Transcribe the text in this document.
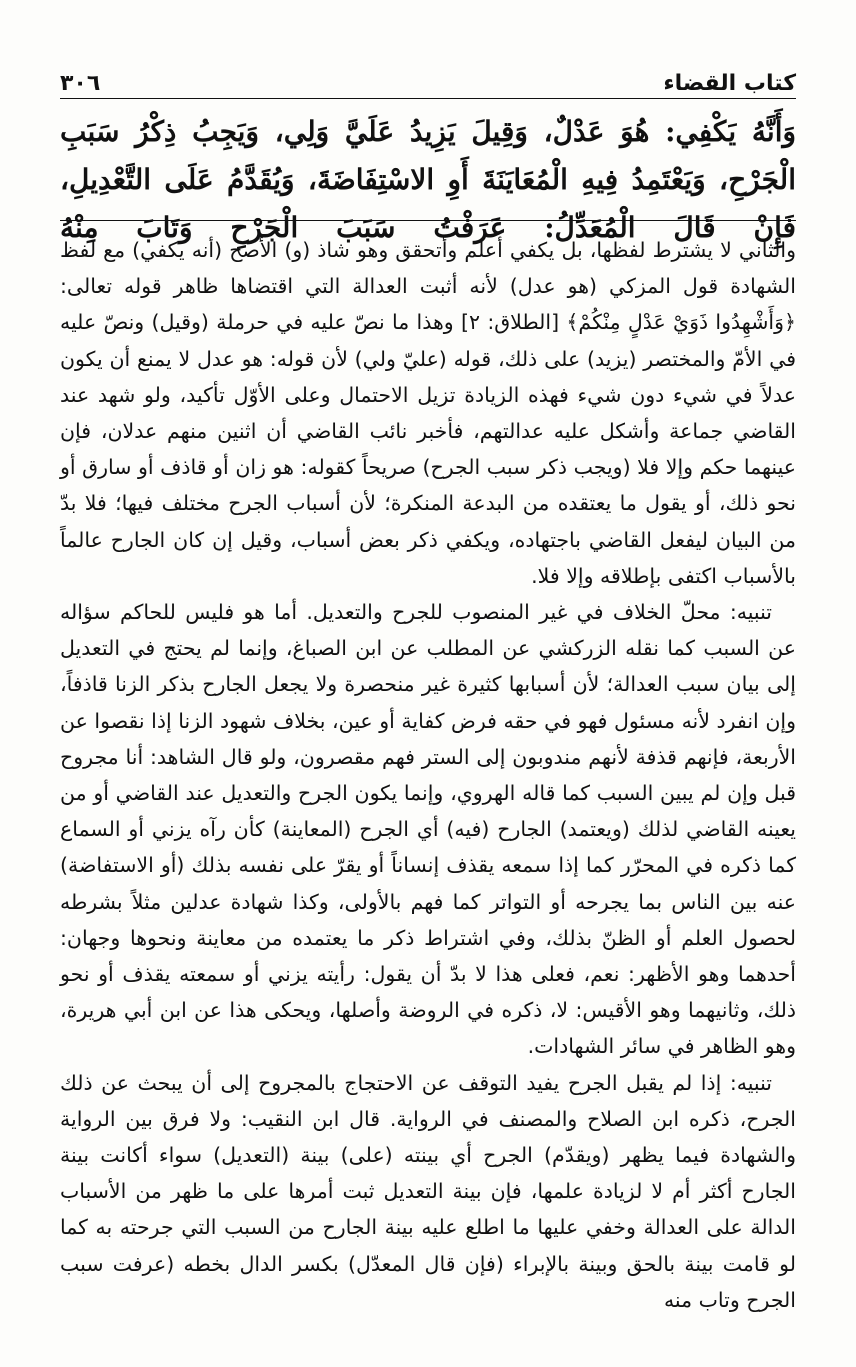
٣٠٦	كتاب القضاء

وَأَنَّهُ يَكْفِي: هُوَ عَدْلٌ، وَقِيلَ يَزِيدُ عَلَيَّ وَلِي، وَيَجِبُ ذِكْرُ سَبَبِ الْجَرْحِ، وَيَعْتَمِدُ فِيهِ الْمُعَايَنَةَ أَوِ الاسْتِفَاضَةَ، وَيُقَدَّمُ عَلَى التَّعْدِيلِ، فَإِنْ قَالَ الْمُعَدِّلُ: عَرَفْتُ سَبَبَ الْجَرْحِ وَتَابَ مِنْهُ

والثاني لا يشترط لفظها، بل يكفي أعلم وأتحقق وهو شاذ (و) الأصح (أنه يكفي) مع لفظ الشهادة قول المزكي (هو عدل) لأنه أثبت العدالة التي اقتضاها ظاهر قوله تعالى: ﴿وَأَشْهِدُوا ذَوَيْ عَدْلٍ مِنْكُمْ﴾ [الطلاق: ٢] وهذا ما نصّ عليه في حرملة (وقيل) ونصّ عليه في الأمّ والمختصر (يزيد) على ذلك، قوله (عليّ ولي) لأن قوله: هو عدل لا يمنع أن يكون عدلاً في شيء دون شيء فهذه الزيادة تزيل الاحتمال وعلى الأوّل تأكيد، ولو شهد عند القاضي جماعة وأشكل عليه عدالتهم، فأخبر نائب القاضي أن اثنين منهم عدلان، فإن عينهما حكم وإلا فلا (ويجب ذكر سبب الجرح) صريحاً كقوله: هو زان أو قاذف أو سارق أو نحو ذلك، أو يقول ما يعتقده من البدعة المنكرة؛ لأن أسباب الجرح مختلف فيها؛ فلا بدّ من البيان ليفعل القاضي باجتهاده، ويكفي ذكر بعض أسباب، وقيل إن كان الجارح عالماً بالأسباب اكتفى بإطلاقه وإلا فلا.

تنبيه: محلّ الخلاف في غير المنصوب للجرح والتعديل. أما هو فليس للحاكم سؤاله عن السبب كما نقله الزركشي عن المطلب عن ابن الصباغ، وإنما لم يحتج في التعديل إلى بيان سبب العدالة؛ لأن أسبابها كثيرة غير منحصرة ولا يجعل الجارح بذكر الزنا قاذفاً، وإن انفرد لأنه مسئول فهو في حقه فرض كفاية أو عين، بخلاف شهود الزنا إذا نقصوا عن الأربعة، فإنهم قذفة لأنهم مندوبون إلى الستر فهم مقصرون، ولو قال الشاهد: أنا مجروح قبل وإن لم يبين السبب كما قاله الهروي، وإنما يكون الجرح والتعديل عند القاضي أو من يعينه القاضي لذلك (ويعتمد) الجارح (فيه) أي الجرح (المعاينة) كأن رآه يزني أو السماع كما ذكره في المحرّر كما إذا سمعه يقذف إنساناً أو يقرّ على نفسه بذلك (أو الاستفاضة) عنه بين الناس بما يجرحه أو التواتر كما فهم بالأولى، وكذا شهادة عدلين مثلاً بشرطه لحصول العلم أو الظنّ بذلك، وفي اشتراط ذكر ما يعتمده من معاينة ونحوها وجهان: أحدهما وهو الأظهر: نعم، فعلى هذا لا بدّ أن يقول: رأيته يزني أو سمعته يقذف أو نحو ذلك، وثانيهما وهو الأقيس: لا، ذكره في الروضة وأصلها، ويحكى هذا عن ابن أبي هريرة، وهو الظاهر في سائر الشهادات.

تنبيه: إذا لم يقبل الجرح يفيد التوقف عن الاحتجاج بالمجروح إلى أن يبحث عن ذلك الجرح، ذكره ابن الصلاح والمصنف في الرواية. قال ابن النقيب: ولا فرق بين الرواية والشهادة فيما يظهر (ويقدّم) الجرح أي بينته (على) بينة (التعديل) سواء أكانت بينة الجارح أكثر أم لا لزيادة علمها، فإن بينة التعديل ثبت أمرها على ما ظهر من الأسباب الدالة على العدالة وخفي عليها ما اطلع عليه بينة الجارح من السبب التي جرحته به كما لو قامت بينة بالحق وبينة بالإبراء (فإن قال المعدّل) بكسر الدال بخطه (عرفت سبب الجرح وتاب منه
